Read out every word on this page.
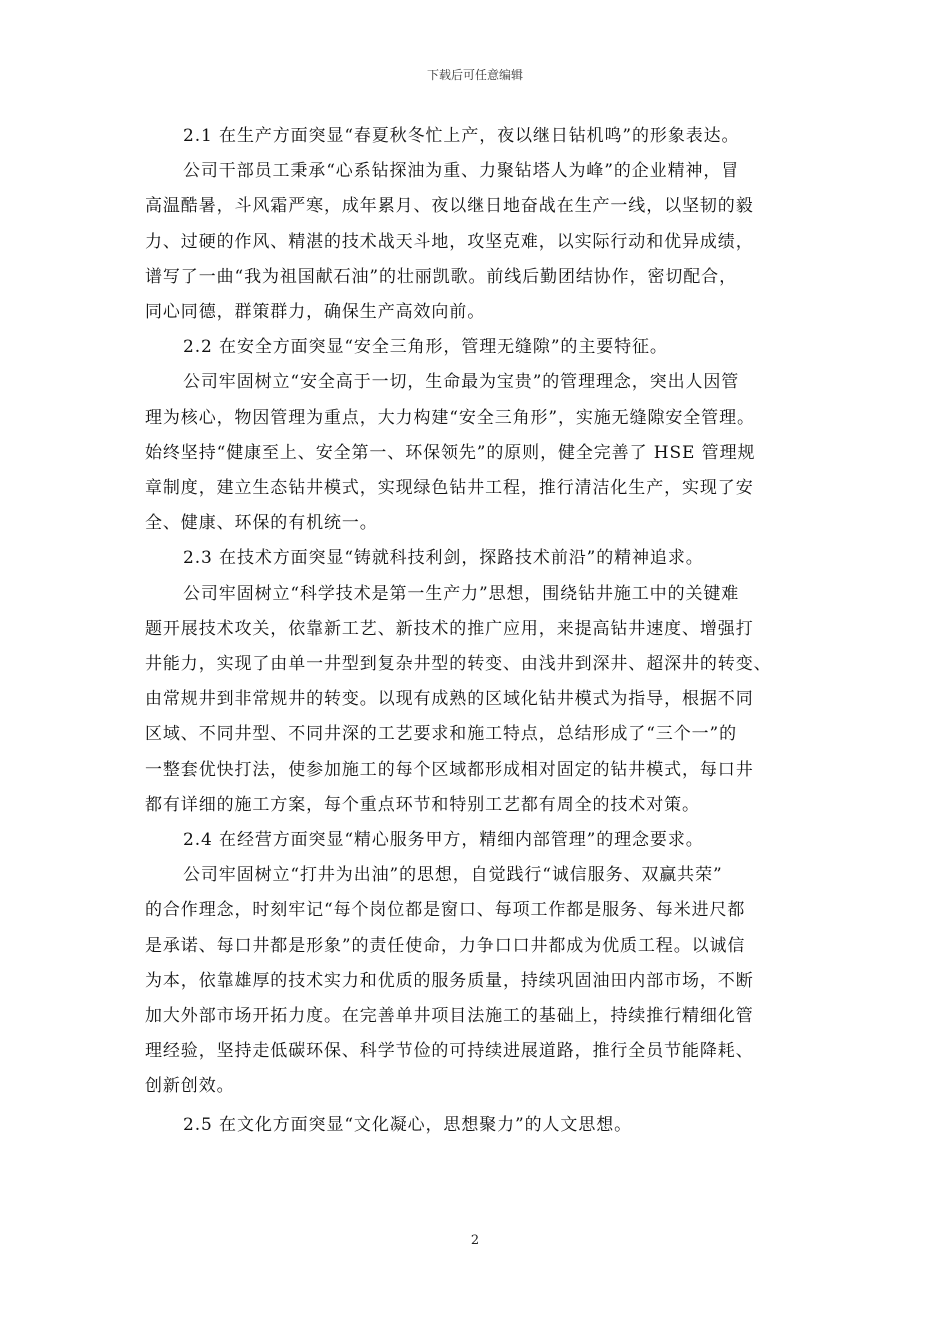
下载后可任意编辑

2.1 在生产方面突显“春夏秋冬忙上产，夜以继日钻机鸣”的形象表达。

公司干部员工秉承“心系钻探油为重、力聚钻塔人为峰”的企业精神，冒
高温酷暑，斗风霜严寒，成年累月、夜以继日地奋战在生产一线，以坚韧的毅
力、过硬的作风、精湛的技术战天斗地，攻坚克难，以实际行动和优异成绩，
谱写了一曲“我为祖国献石油”的壮丽凯歌。前线后勤团结协作，密切配合，
同心同德，群策群力，确保生产高效向前。

2.2 在安全方面突显“安全三角形，管理无缝隙”的主要特征。

公司牢固树立“安全高于一切，生命最为宝贵”的管理理念，突出人因管
理为核心，物因管理为重点，大力构建“安全三角形”，实施无缝隙安全管理。
始终坚持“健康至上、安全第一、环保领先”的原则，健全完善了 HSE 管理规
章制度，建立生态钻井模式，实现绿色钻井工程，推行清洁化生产，实现了安
全、健康、环保的有机统一。

2.3 在技术方面突显“铸就科技利剑，探路技术前沿”的精神追求。

公司牢固树立“科学技术是第一生产力”思想，围绕钻井施工中的关键难
题开展技术攻关，依靠新工艺、新技术的推广应用，来提高钻井速度、增强打
井能力，实现了由单一井型到复杂井型的转变、由浅井到深井、超深井的转变、
由常规井到非常规井的转变。以现有成熟的区域化钻井模式为指导，根据不同
区域、不同井型、不同井深的工艺要求和施工特点，总结形成了“三个一”的
一整套优快打法，使参加施工的每个区域都形成相对固定的钻井模式，每口井
都有详细的施工方案，每个重点环节和特别工艺都有周全的技术对策。

2.4 在经营方面突显“精心服务甲方，精细内部管理”的理念要求。

公司牢固树立“打井为出油”的思想，自觉践行“诚信服务、双赢共荣”
的合作理念，时刻牢记“每个岗位都是窗口、每项工作都是服务、每米进尺都
是承诺、每口井都是形象”的责任使命，力争口口井都成为优质工程。以诚信
为本，依靠雄厚的技术实力和优质的服务质量，持续巩固油田内部市场，不断
加大外部市场开拓力度。在完善单井项目法施工的基础上，持续推行精细化管
理经验，坚持走低碳环保、科学节俭的可持续进展道路，推行全员节能降耗、
创新创效。

2.5 在文化方面突显“文化凝心，思想聚力”的人文思想。

2
